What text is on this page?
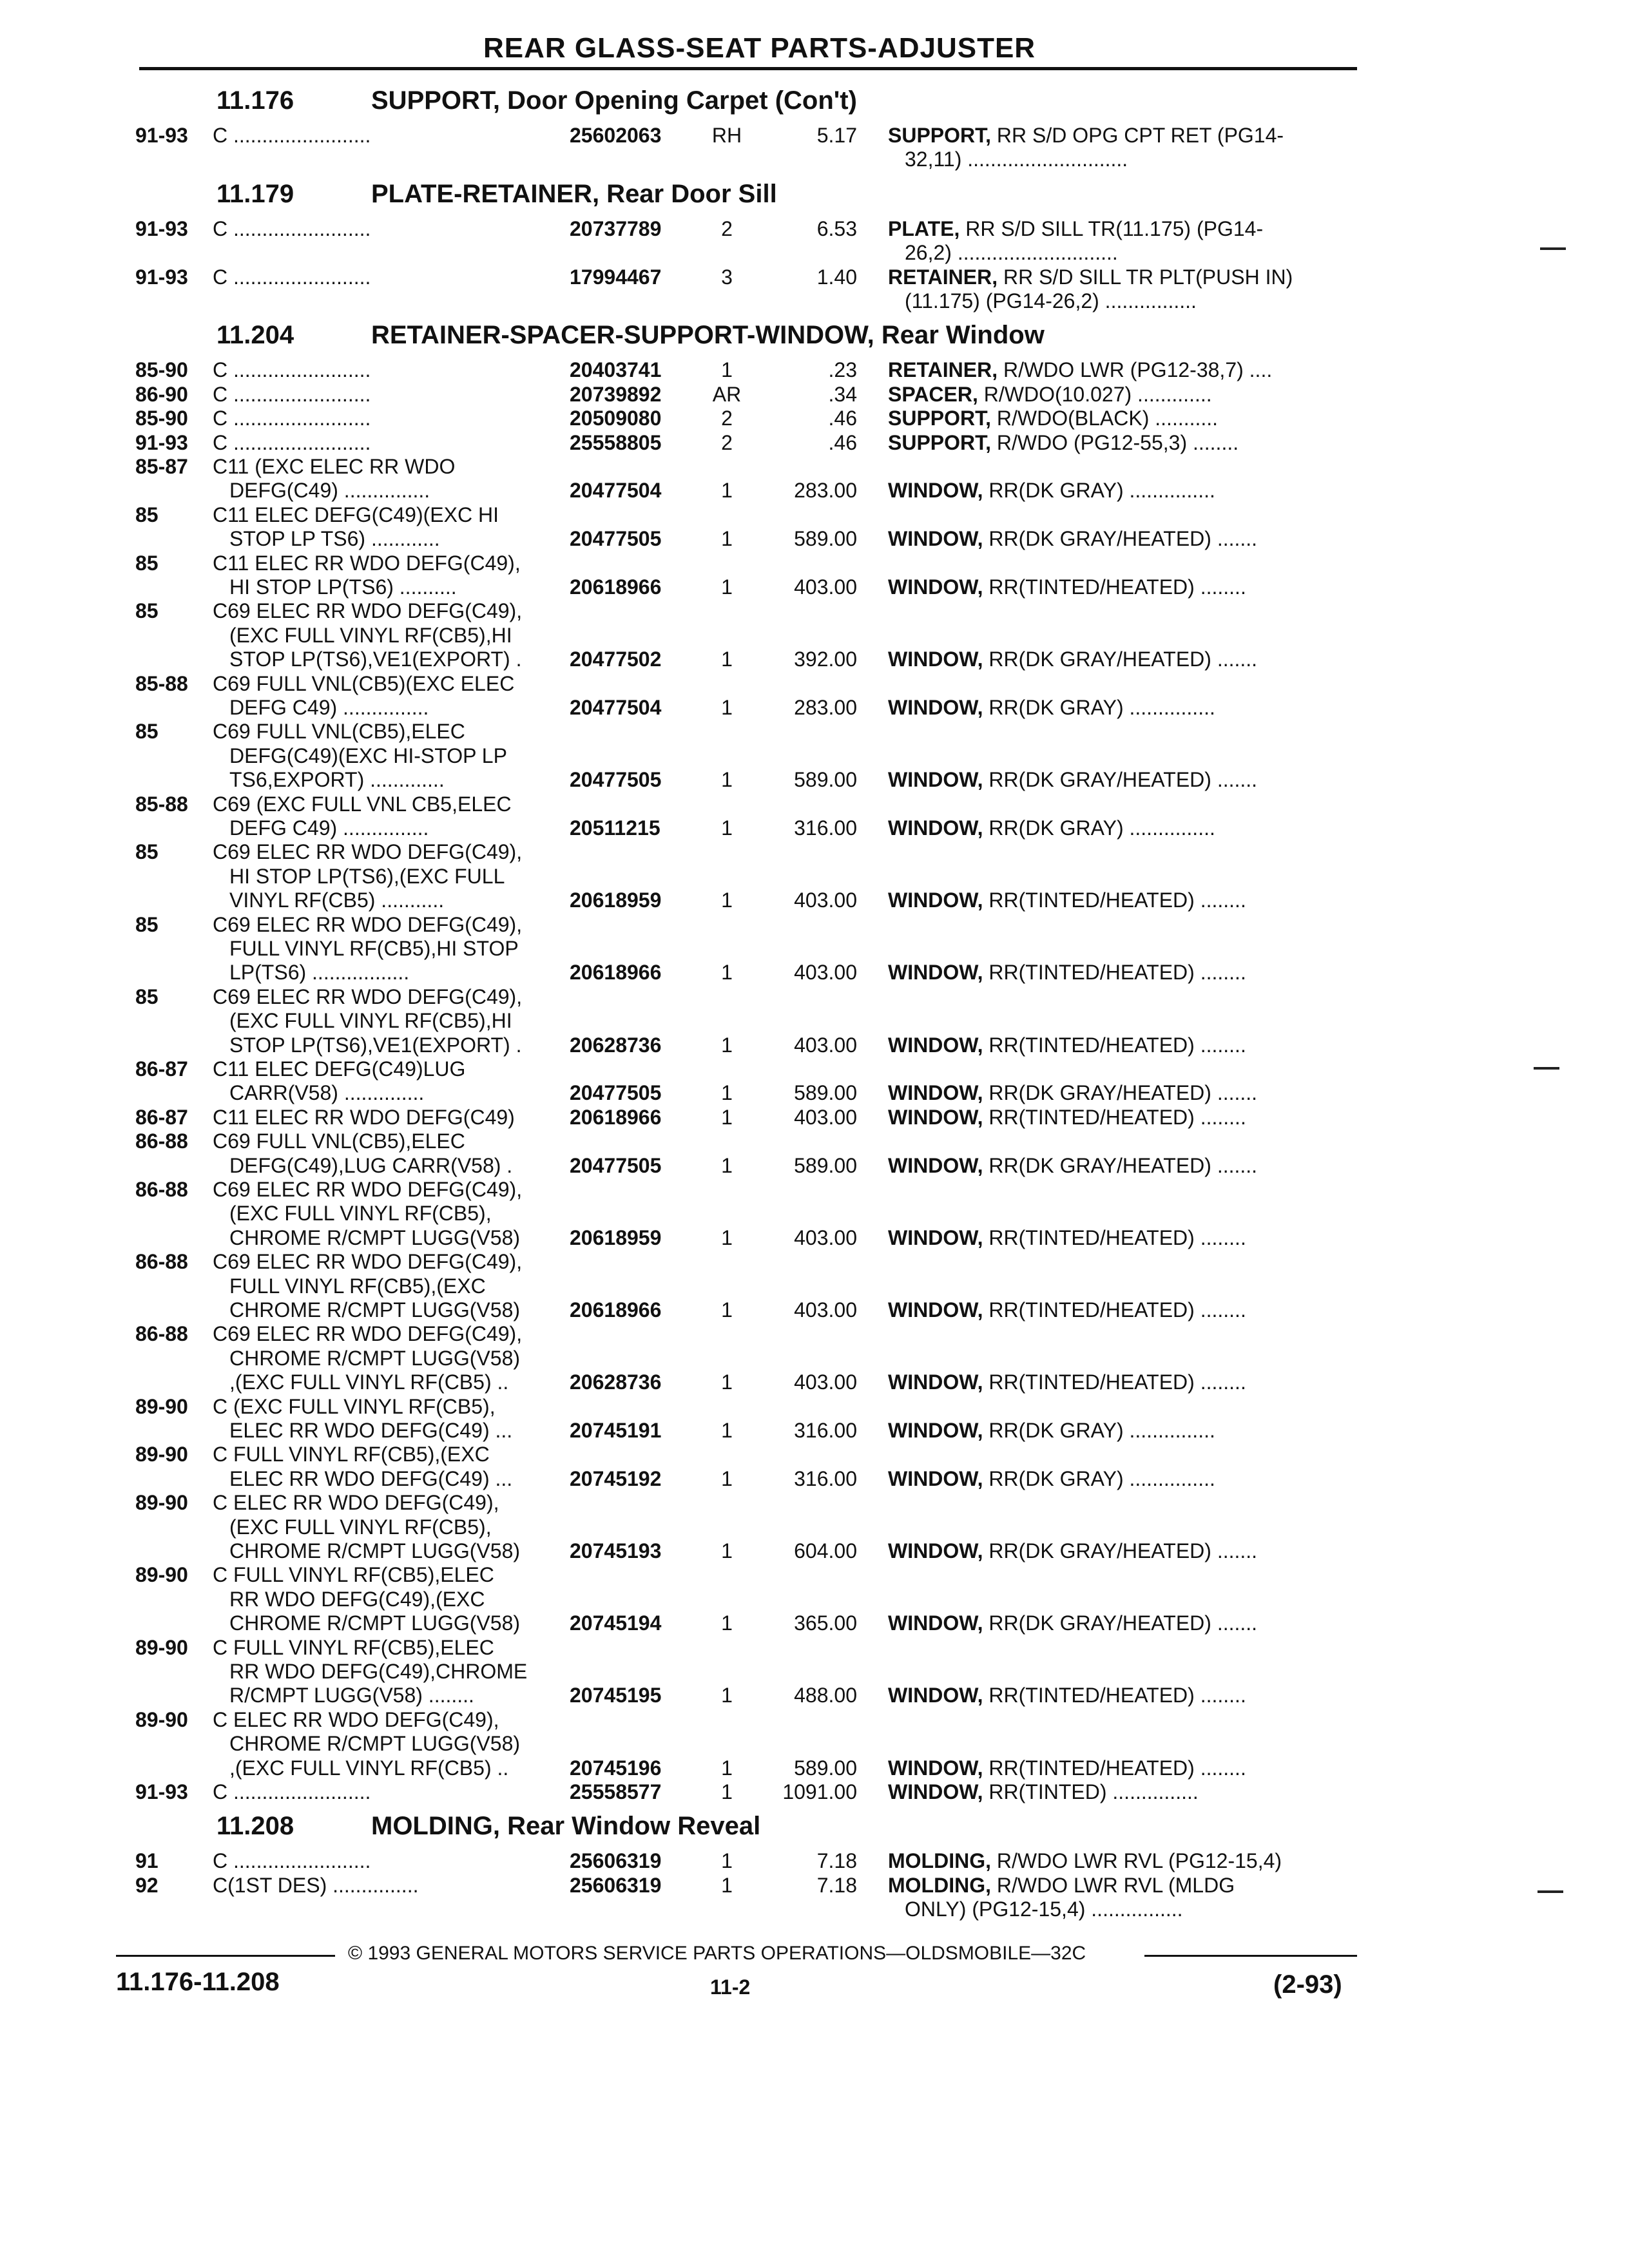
REAR GLASS-SEAT PARTS-ADJUSTER
11.176	SUPPORT, Door Opening Carpet (Con't)
91-93 C ........................	25602063	RH	5.17 SUPPORT, RR S/D OPG CPT RET (PG14-
32,11) ............................
11.179	PLATE-RETAINER, Rear Door Sill
91-93 C ........................	20737789	2	6.53 PLATE, RR S/D SILL TR(11.175) (PG14-
26,2) ............................
91-93 C ........................	17994467	3	1.40 RETAINER, RR S/D SILL TR PLT(PUSH IN)
(11.175) (PG14-26,2) ................
11.204	RETAINER-SPACER-SUPPORT-WINDOW, Rear Window
85-90 C ........................	20403741	1	.23 RETAINER, R/WDO LWR (PG12-38,7) ....
86-90 C ........................	20739892	AR	.34 SPACER, R/WDO(10.027) .............
85-90 C ........................	20509080	2	.46 SUPPORT, R/WDO(BLACK) ...........
91-93 C ........................	25558805	2	.46 SUPPORT, R/WDO (PG12-55,3) ........
85-87 C11 (EXC ELEC RR WDO
DEFG(C49) ...............	20477504	1	283.00 WINDOW, RR(DK GRAY) ...............
85	C11 ELEC DEFG(C49)(EXC HI
STOP LP TS6) ............	20477505	1	589.00 WINDOW, RR(DK GRAY/HEATED) .......
85	C11 ELEC RR WDO DEFG(C49),
HI STOP LP(TS6) ..........	20618966	1	403.00 WINDOW, RR(TINTED/HEATED) ........
85	C69 ELEC RR WDO DEFG(C49),
(EXC FULL VINYL RF(CB5),HI
STOP LP(TS6),VE1(EXPORT) . 20477502	1	392.00 WINDOW, RR(DK GRAY/HEATED) .......
85-88 C69 FULL VNL(CB5)(EXC ELEC
DEFG C49) ...............	20477504	1	283.00 WINDOW, RR(DK GRAY) ...............
85	C69 FULL VNL(CB5),ELEC
DEFG(C49)(EXC HI-STOP LP
TS6,EXPORT) .............	20477505	1	589.00 WINDOW, RR(DK GRAY/HEATED) .......
85-88 C69 (EXC FULL VNL CB5,ELEC
DEFG C49) ...............	20511215	1	316.00 WINDOW, RR(DK GRAY) ...............
85	C69 ELEC RR WDO DEFG(C49),
HI STOP LP(TS6),(EXC FULL
VINYL RF(CB5) ...........	20618959	1	403.00 WINDOW, RR(TINTED/HEATED) ........
85	C69 ELEC RR WDO DEFG(C49),
FULL VINYL RF(CB5),HI STOP
LP(TS6) .................	20618966	1	403.00 WINDOW, RR(TINTED/HEATED) ........
85	C69 ELEC RR WDO DEFG(C49),
(EXC FULL VINYL RF(CB5),HI
STOP LP(TS6),VE1(EXPORT) . 20628736	1	403.00 WINDOW, RR(TINTED/HEATED) ........
86-87 C11 ELEC DEFG(C49)LUG
CARR(V58) ..............	20477505	1	589.00 WINDOW, RR(DK GRAY/HEATED) .......
86-87 C11 ELEC RR WDO DEFG(C49)	20618966	1	403.00 WINDOW, RR(TINTED/HEATED) ........
86-88 C69 FULL VNL(CB5),ELEC
DEFG(C49),LUG CARR(V58) .	20477505	1	589.00 WINDOW, RR(DK GRAY/HEATED) .......
86-88 C69 ELEC RR WDO DEFG(C49),
(EXC FULL VINYL RF(CB5),
CHROME R/CMPT LUGG(V58) 20618959	1	403.00 WINDOW, RR(TINTED/HEATED) ........
86-88 C69 ELEC RR WDO DEFG(C49),
FULL VINYL RF(CB5),(EXC
CHROME R/CMPT LUGG(V58) 20618966	1	403.00 WINDOW, RR(TINTED/HEATED) ........
86-88 C69 ELEC RR WDO DEFG(C49),
CHROME R/CMPT LUGG(V58)
,(EXC FULL VINYL RF(CB5) ..	20628736	1	403.00 WINDOW, RR(TINTED/HEATED) ........
89-90 C (EXC FULL VINYL RF(CB5),
ELEC RR WDO DEFG(C49) ...	20745191	1	316.00 WINDOW, RR(DK GRAY) ...............
89-90 C FULL VINYL RF(CB5),(EXC
ELEC RR WDO DEFG(C49) ...	20745192	1	316.00 WINDOW, RR(DK GRAY) ...............
89-90 C ELEC RR WDO DEFG(C49),
(EXC FULL VINYL RF(CB5),
CHROME R/CMPT LUGG(V58) 20745193	1	604.00 WINDOW, RR(DK GRAY/HEATED) .......
89-90 C FULL VINYL RF(CB5),ELEC
RR WDO DEFG(C49),(EXC
CHROME R/CMPT LUGG(V58) 20745194	1	365.00 WINDOW, RR(DK GRAY/HEATED) .......
89-90 C FULL VINYL RF(CB5),ELEC
RR WDO DEFG(C49),CHROME
R/CMPT LUGG(V58) ........	20745195	1	488.00 WINDOW, RR(TINTED/HEATED) ........
89-90 C ELEC RR WDO DEFG(C49),
CHROME R/CMPT LUGG(V58)
,(EXC FULL VINYL RF(CB5) ..	20745196	1	589.00 WINDOW, RR(TINTED/HEATED) ........
91-93 C ........................	25558577	1	1091.00 WINDOW, RR(TINTED) ...............
11.208	MOLDING, Rear Window Reveal
91	C ........................	25606319	1	7.18 MOLDING, R/WDO LWR RVL (PG12-15,4)
92	C(1ST DES) ...............	25606319	1	7.18 MOLDING, R/WDO LWR RVL (MLDG
ONLY) (PG12-15,4) ................
© 1993 GENERAL MOTORS SERVICE PARTS OPERATIONS—OLDSMOBILE—32C
11.176-11.208	11-2	(2-93)
